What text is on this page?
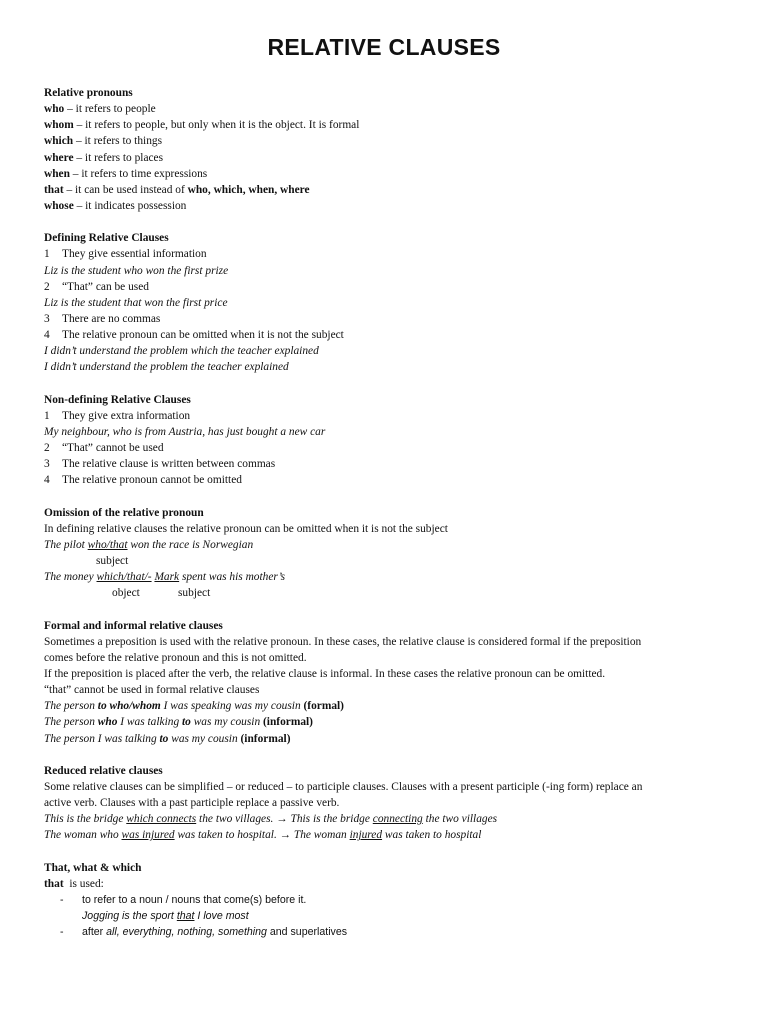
RELATIVE CLAUSES
Relative pronouns
who – it refers to people
whom – it refers to people, but only when it is the object. It is formal
which – it refers to things
where – it refers to places
when – it refers to time expressions
that – it can be used instead of who, which, when, where
whose – it indicates possession
Defining Relative Clauses
1 They give essential information
Liz is the student who won the first prize
2 “That” can be used
Liz is the student that won the first price
3 There are no commas
4 The relative pronoun can be omitted when it is not the subject
I didn’t understand the problem which the teacher explained
I didn’t understand the problem the teacher explained
Non-defining Relative Clauses
1 They give extra information
My neighbour, who is from Austria, has just bought a new car
2 “That” cannot be used
3 The relative clause is written between commas
4 The relative pronoun cannot be omitted
Omission of the relative pronoun
In defining relative clauses the relative pronoun can be omitted when it is not the subject
The pilot who/that won the race is Norwegian
subject
The money which/that/- Mark spent was his mother’s
object	subject
Formal and informal relative clauses
Sometimes a preposition is used with the relative pronoun. In these cases, the relative clause is considered formal if the preposition
comes before the relative pronoun and this is not omitted.
If the preposition is placed after the verb, the relative clause is informal. In these cases the relative pronoun can be omitted.
“that” cannot be used in formal relative clauses
The person to who/whom I was speaking was my cousin (formal)
The person who I was talking to was my cousin (informal)
The person I was talking to was my cousin (informal)
Reduced relative clauses
Some relative clauses can be simplified – or reduced – to participle clauses. Clauses with a present participle (-ing form) replace an
active verb. Clauses with a past participle replace a passive verb.
This is the bridge which connects the two villages. → This is the bridge connecting the two villages
The woman who was injured was taken to hospital. → The woman injured was taken to hospital
That, what & which
that  is used:
- to refer to a noun / nouns that come(s) before it.
Jogging is the sport that I love most
- after all, everything, nothing, something and superlatives
